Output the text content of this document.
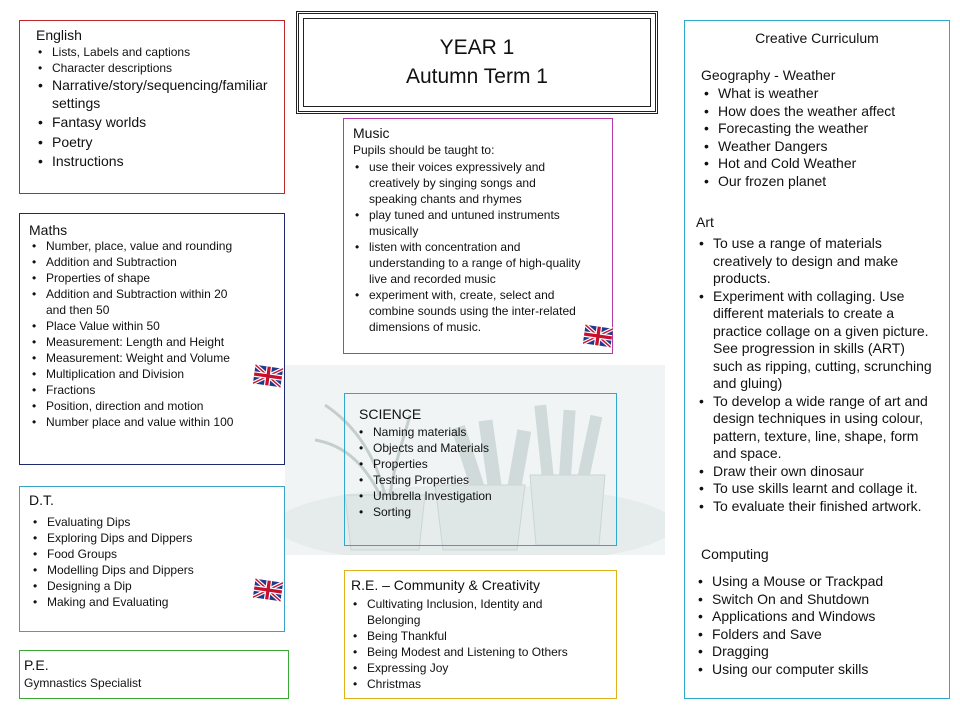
English
• Lists, Labels and captions
• Character descriptions
• Narrative/story/sequencing/familiar settings
• Fantasy worlds
• Poetry
• Instructions
YEAR 1
Autumn Term 1
Maths
• Number, place, value and rounding
• Addition and Subtraction
• Properties of shape
• Addition and Subtraction within 20 and then 50
• Place Value within 50
• Measurement: Length and Height
• Measurement: Weight and Volume
• Multiplication and Division
• Fractions
• Position, direction and motion
• Number place and value within 100
D.T.
• Evaluating Dips
• Exploring Dips and Dippers
• Food Groups
• Modelling Dips and Dippers
• Designing a Dip
• Making and Evaluating
P.E.
Gymnastics Specialist
Music
Pupils should be taught to:
• use their voices expressively and creatively by singing songs and speaking chants and rhymes
• play tuned and untuned instruments musically
• listen with concentration and understanding to a range of high-quality live and recorded music
• experiment with, create, select and combine sounds using the inter-related dimensions of music.
SCIENCE
• Naming materials
• Objects and Materials
• Properties
• Testing Properties
• Umbrella Investigation
• Sorting
R.E. – Community & Creativity
• Cultivating Inclusion, Identity and Belonging
• Being Thankful
• Being Modest and Listening to Others
• Expressing Joy
• Christmas
Creative Curriculum
Geography - Weather
• What is weather
• How does the weather affect
• Forecasting the weather
• Weather Dangers
• Hot and Cold Weather
• Our frozen planet
Art
• To use a range of materials creatively to design and make products.
• Experiment with collaging. Use different materials to create a practice collage on a given picture. See progression in skills (ART) such as ripping, cutting, scrunching and gluing)
• To develop a wide range of art and design techniques in using colour, pattern, texture, line, shape, form and space.
• Draw their own dinosaur
• To use skills learnt and collage it.
• To evaluate their finished artwork.
Computing
• Using a Mouse or Trackpad
• Switch On and Shutdown
• Applications and Windows
• Folders and Save
• Dragging
• Using our computer skills
